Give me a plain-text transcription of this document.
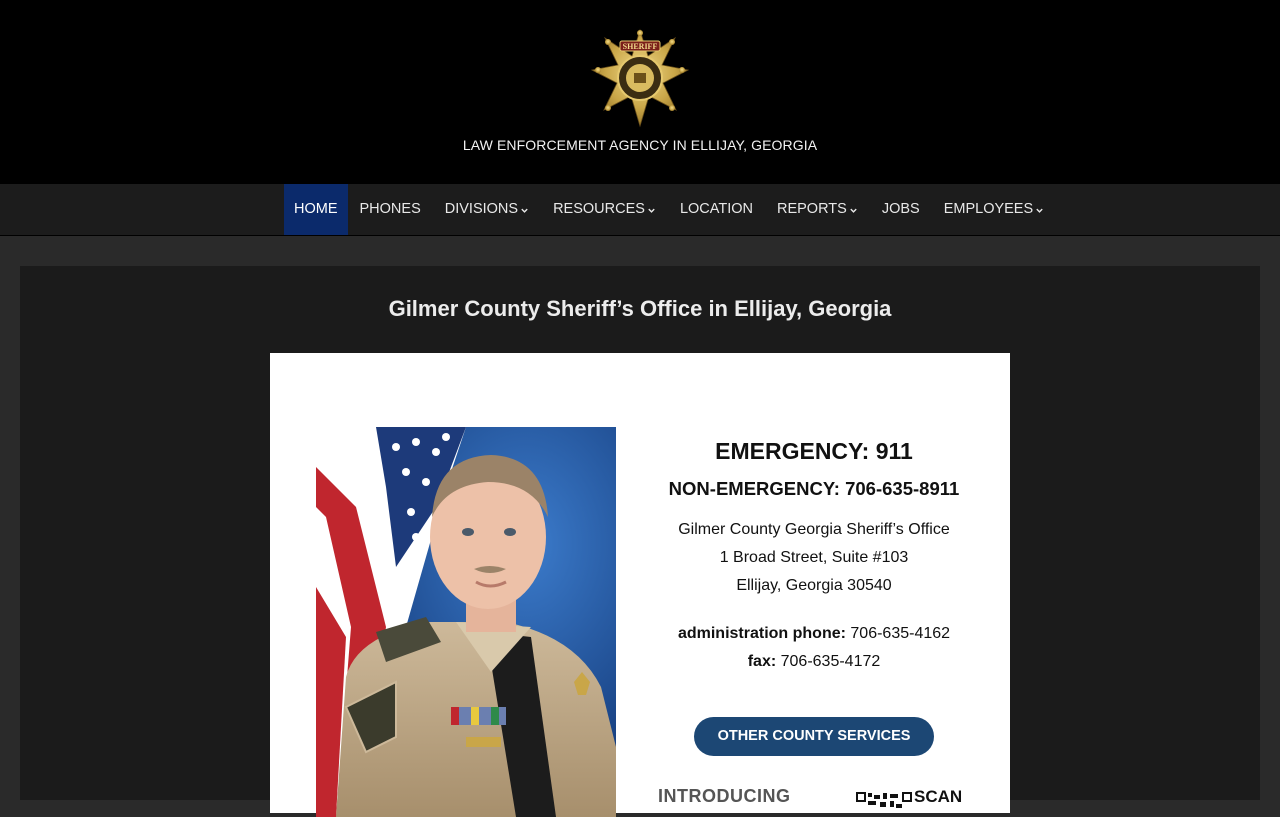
SHERIFF
LAW ENFORCEMENT AGENCY IN ELLIJAY, GEORGIA
HOME PHONES DIVISIONS RESOURCES LOCATION REPORTS JOBS EMPLOYEES
Gilmer County Sheriff’s Office in Ellijay, Georgia
EMERGENCY: 911
NON-EMERGENCY: 706-635-8911
Gilmer County Georgia Sheriff’s Office
1 Broad Street, Suite #103
Ellijay, Georgia 30540
administration phone: 706-635-4162
fax: 706-635-4172
OTHER COUNTY SERVICES
INTRODUCING	SCAN
